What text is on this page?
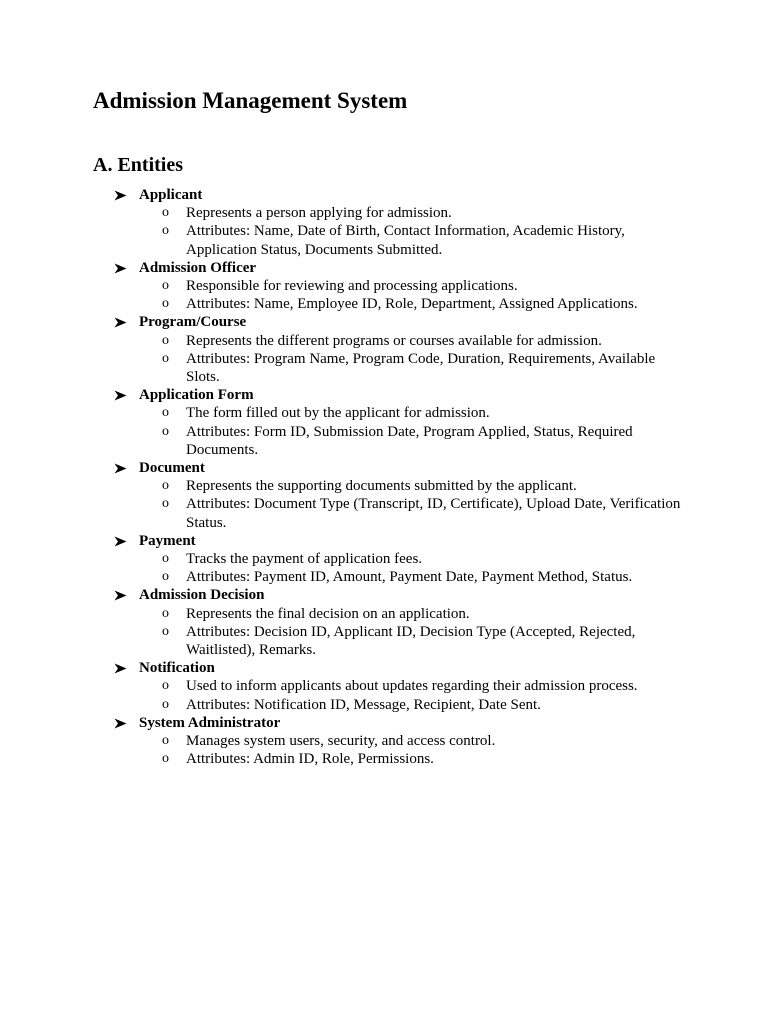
Admission Management System
A. Entities
Applicant
o Represents a person applying for admission.
o Attributes: Name, Date of Birth, Contact Information, Academic History, Application Status, Documents Submitted.
Admission Officer
o Responsible for reviewing and processing applications.
o Attributes: Name, Employee ID, Role, Department, Assigned Applications.
Program/Course
o Represents the different programs or courses available for admission.
o Attributes: Program Name, Program Code, Duration, Requirements, Available Slots.
Application Form
o The form filled out by the applicant for admission.
o Attributes: Form ID, Submission Date, Program Applied, Status, Required Documents.
Document
o Represents the supporting documents submitted by the applicant.
o Attributes: Document Type (Transcript, ID, Certificate), Upload Date, Verification Status.
Payment
o Tracks the payment of application fees.
o Attributes: Payment ID, Amount, Payment Date, Payment Method, Status.
Admission Decision
o Represents the final decision on an application.
o Attributes: Decision ID, Applicant ID, Decision Type (Accepted, Rejected, Waitlisted), Remarks.
Notification
o Used to inform applicants about updates regarding their admission process.
o Attributes: Notification ID, Message, Recipient, Date Sent.
System Administrator
o Manages system users, security, and access control.
o Attributes: Admin ID, Role, Permissions.
